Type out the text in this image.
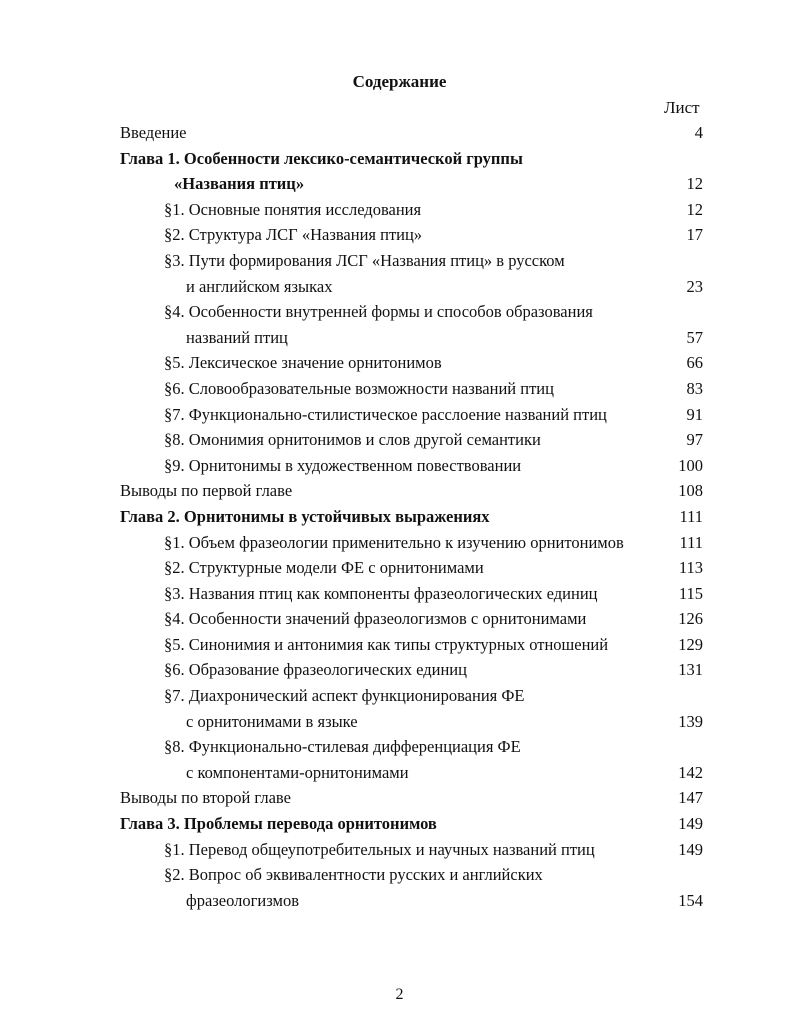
Содержание
Лист
Введение	4
Глава 1. Особенности лексико-семантической группы
«Названия птиц»	12
§1. Основные понятия исследования	12
§2. Структура ЛСГ «Названия птиц»	17
§3. Пути формирования ЛСГ «Названия птиц» в русском
и английском языках	23
§4. Особенности внутренней формы и способов образования
названий птиц	57
§5. Лексическое значение орнитонимов	66
§6. Словообразовательные возможности названий птиц	83
§7. Функционально-стилистическое расслоение названий птиц	91
§8. Омонимия орнитонимов и слов другой семантики	97
§9. Орнитонимы в художественном повествовании	100
Выводы по первой главе	108
Глава 2. Орнитонимы в устойчивых выражениях	111
§1. Объем фразеологии применительно к изучению орнитонимов	111
§2. Структурные модели ФЕ с орнитонимами	113
§3. Названия птиц как компоненты фразеологических единиц	115
§4. Особенности значений фразеологизмов с орнитонимами	126
§5. Синонимия и антонимия как типы структурных отношений	129
§6. Образование фразеологических единиц	131
§7. Диахронический аспект функционирования ФЕ
с орнитонимами в языке	139
§8. Функционально-стилевая дифференциация ФЕ
с компонентами-орнитонимами	142
Выводы по второй главе	147
Глава 3. Проблемы перевода орнитонимов	149
§1. Перевод общеупотребительных и научных названий птиц	149
§2. Вопрос об эквивалентности русских и английских
фразеологизмов	154
2
